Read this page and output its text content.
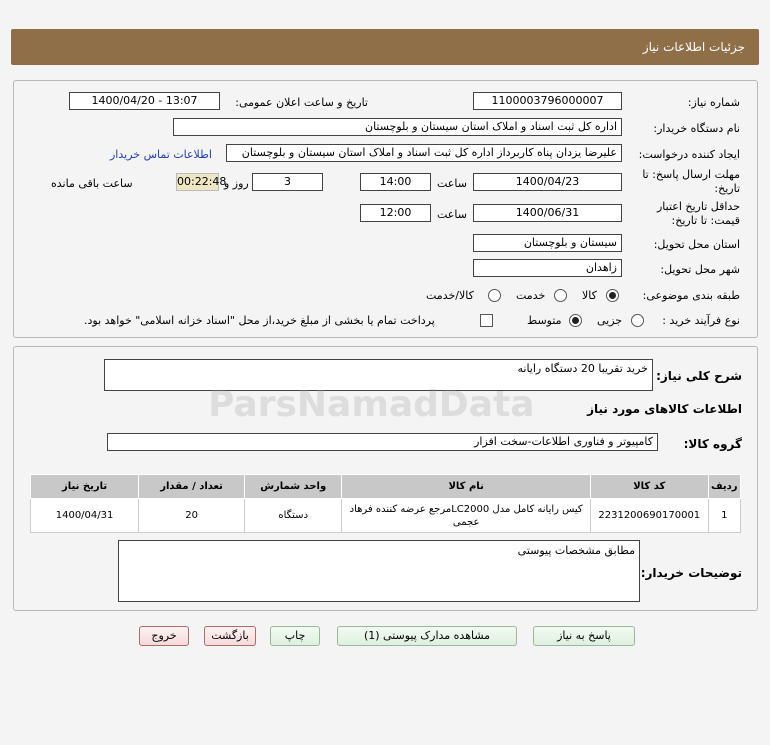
جزئیات اطلاعات نیاز
شماره نیاز:
1100003796000007
تاریخ و ساعت اعلان عمومی:
1400/04/20 - 13:07
نام دستگاه خریدار:
اداره کل ثبت اسناد و املاک استان سیستان و بلوچستان
ایجاد کننده درخواست:
علیرضا یزدان پناه کاربرداز اداره کل ثبت اسناد و املاک استان سیستان و بلوچستان
اطلاعات تماس خریدار
مهلت ارسال پاسخ: تا
تاریخ:
1400/04/23
ساعت
14:00
3
روز و
00:22:48
ساعت باقی مانده
حداقل تاریخ اعتبار
قیمت: تا تاریخ:
1400/06/31
ساعت
12:00
استان محل تحویل:
سیستان و بلوچستان
شهر محل تحویل:
زاهدان
طبقه بندی موضوعی:
کالا
خدمت
کالا/خدمت
نوع فرآیند خرید :
جزیی
متوسط
پرداخت تمام یا بخشی از مبلغ خرید،از محل "اسناد خزانه اسلامی" خواهد بود.
شرح کلی نیاز:
خرید تقریبا 20 دستگاه رایانه
اطلاعات کالاهای مورد نیاز
گروه کالا:
کامپیوتر و فناوری اطلاعات-سخت افزار
ردیف	کد کالا	نام کالا	واحد شمارش	تعداد / مقدار	تاریخ نیاز
1	2231200690170001	کیس رایانه کامل مدل LC2000مرجع عرضه کننده فرهاد عجمی	دستگاه	20	1400/04/31
توضیحات خریدار:
مطابق مشخصات پیوستی
ParsNamadData
پاسخ به نیاز
مشاهده مدارک پیوستی (1)
چاپ
بازگشت
خروج
